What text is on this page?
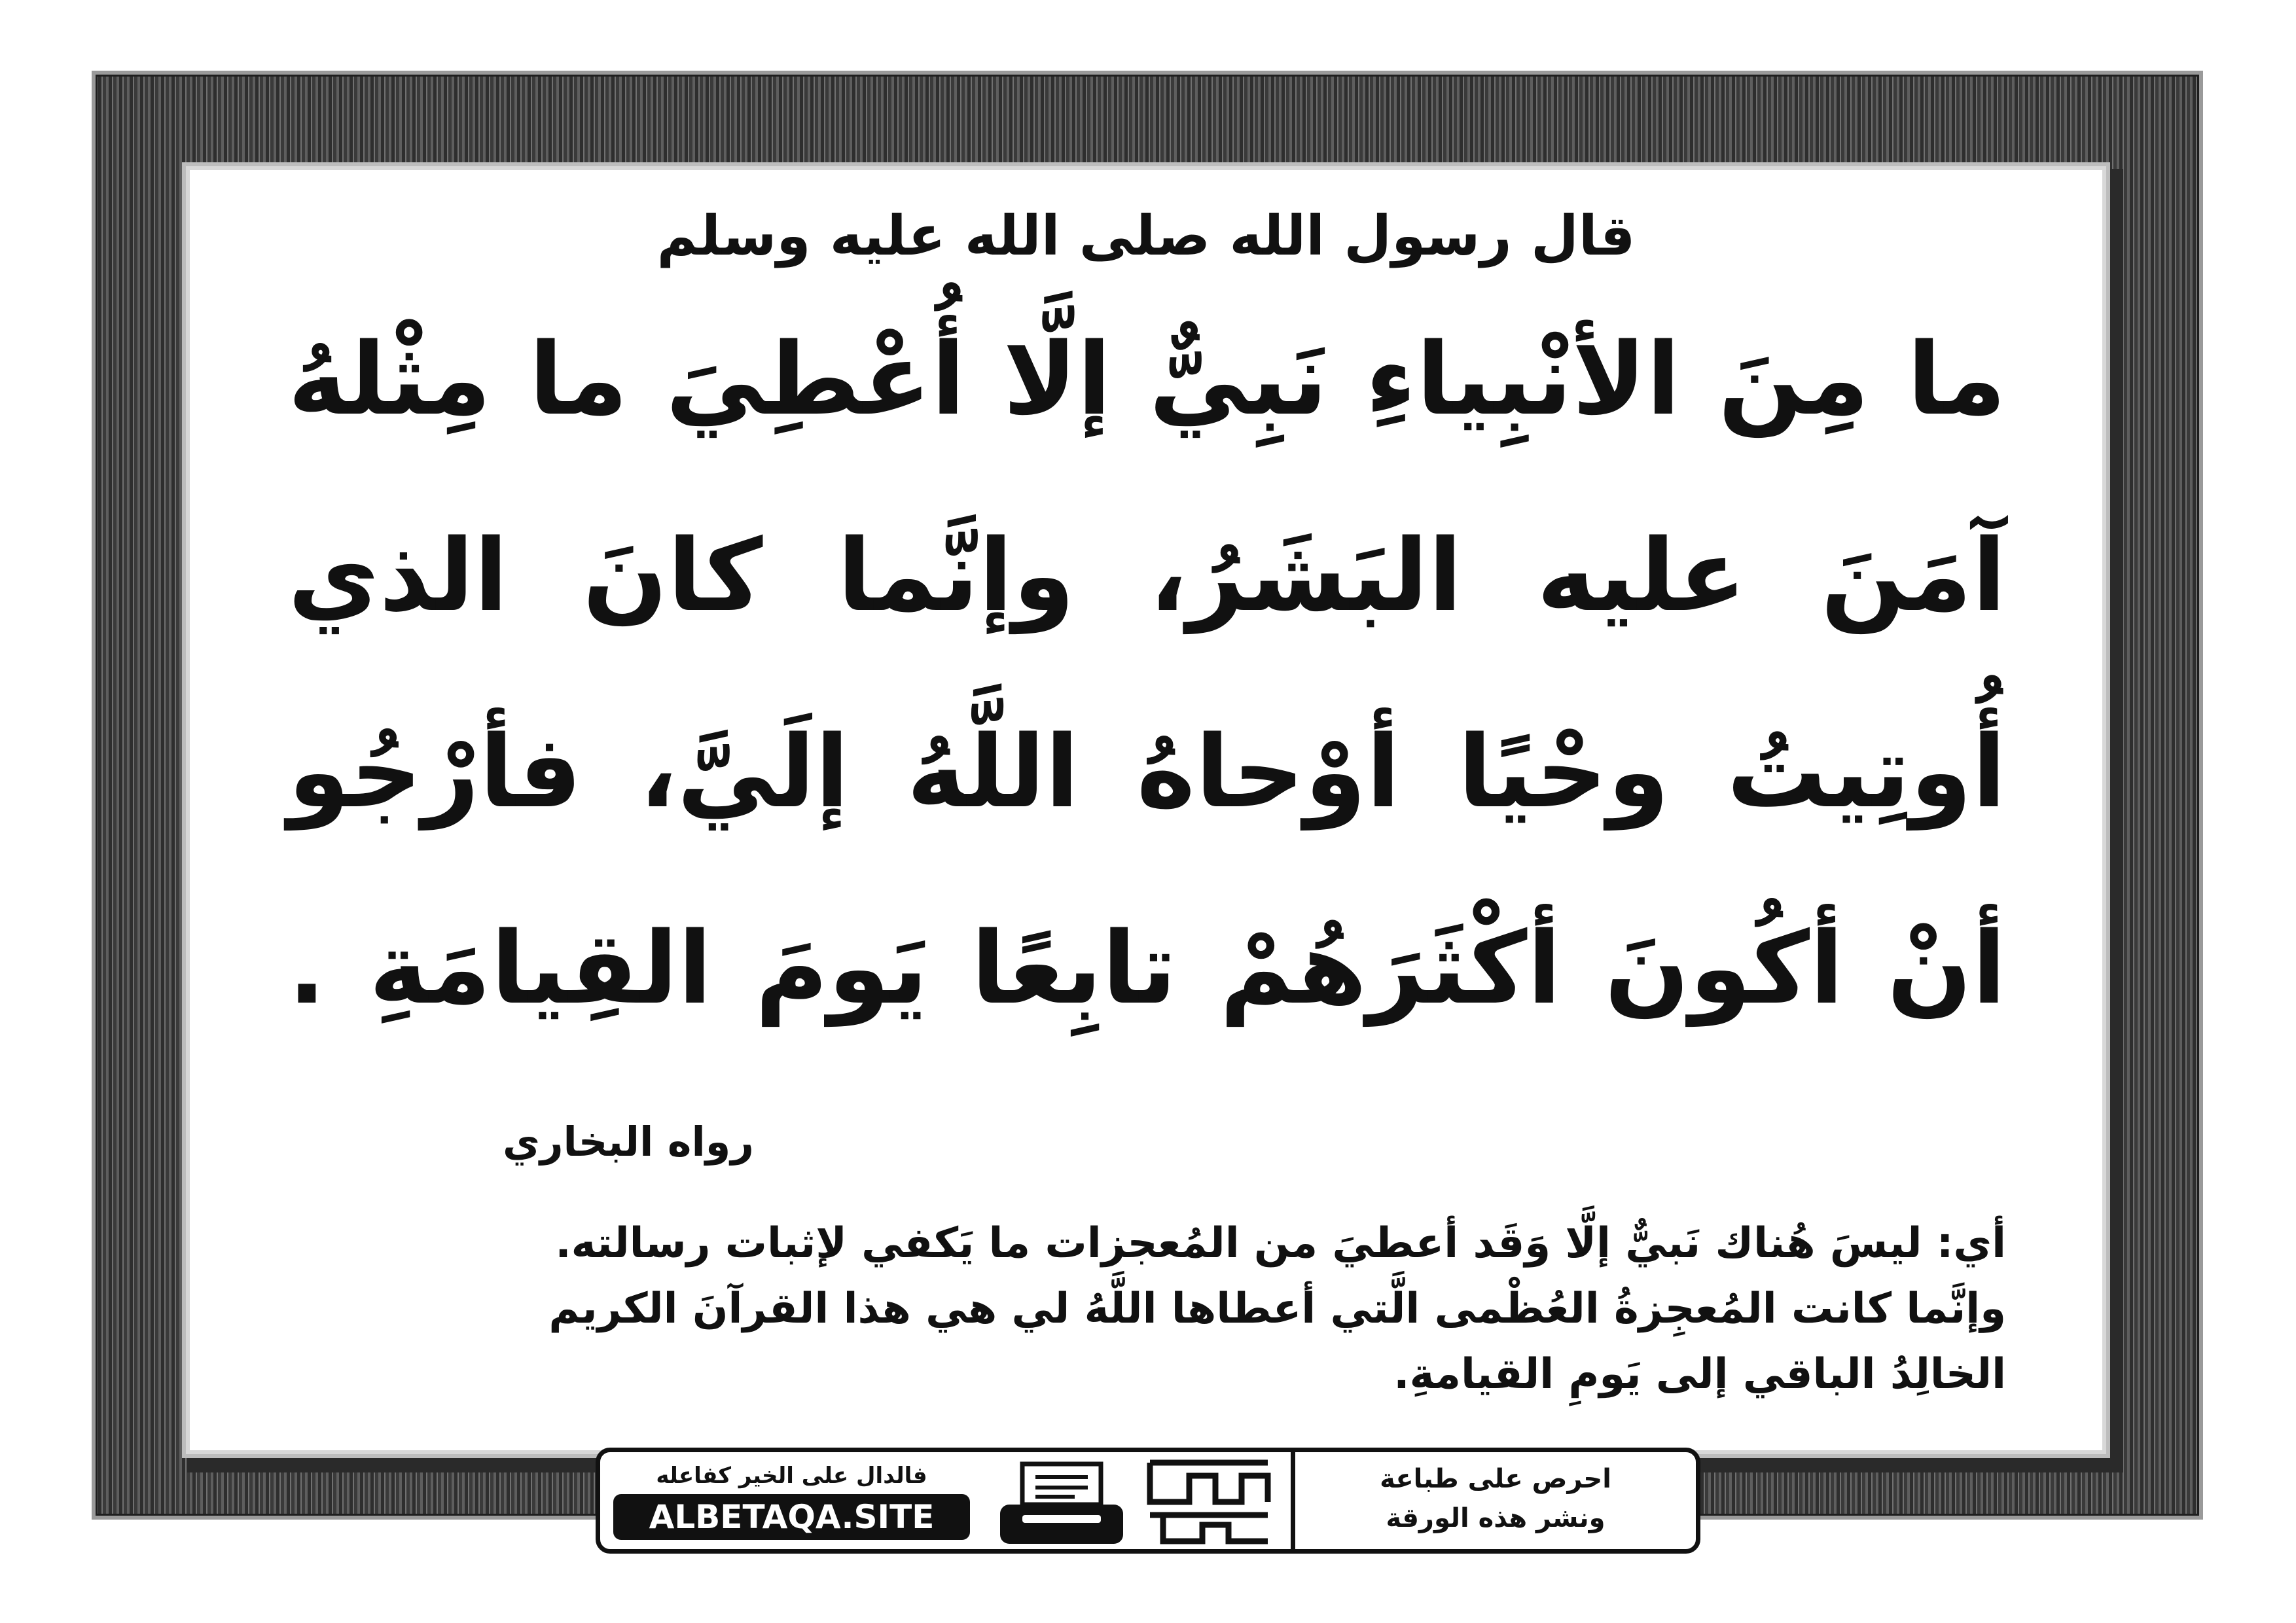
قال رسول الله صلى الله عليه وسلم
ما مِنَ الأنْبِياءِ نَبِيٌّ إلَّا أُعْطِيَ ما مِثْلهُ
آمَنَ عليه البَشَرُ، وإنَّما كانَ الذي
أُوتِيتُ وحْيًا أوْحاهُ اللَّهُ إلَيَّ، فأرْجُو
أنْ أكُونَ أكْثَرَهُمْ تابِعًا يَومَ القِيامَةِ .
رواه البخاري
أي: ليسَ هُناك نَبيٌّ إلَّا وَقَد أعطيَ من المُعجزات ما يَكفي لإثبات رسالته.
وإنَّما كانت المُعجِزةُ العُظْمى الَّتي أعطاها اللَّهُ لي هي هذا القرآنَ الكريم
الخالِدُ الباقي إلى يَومِ القيامةِ.
فالدال على الخير كفاعله
ALBETAQA.SITE	دعوة الورقة
احرص على طباعة
ونشر هذه الورقة
